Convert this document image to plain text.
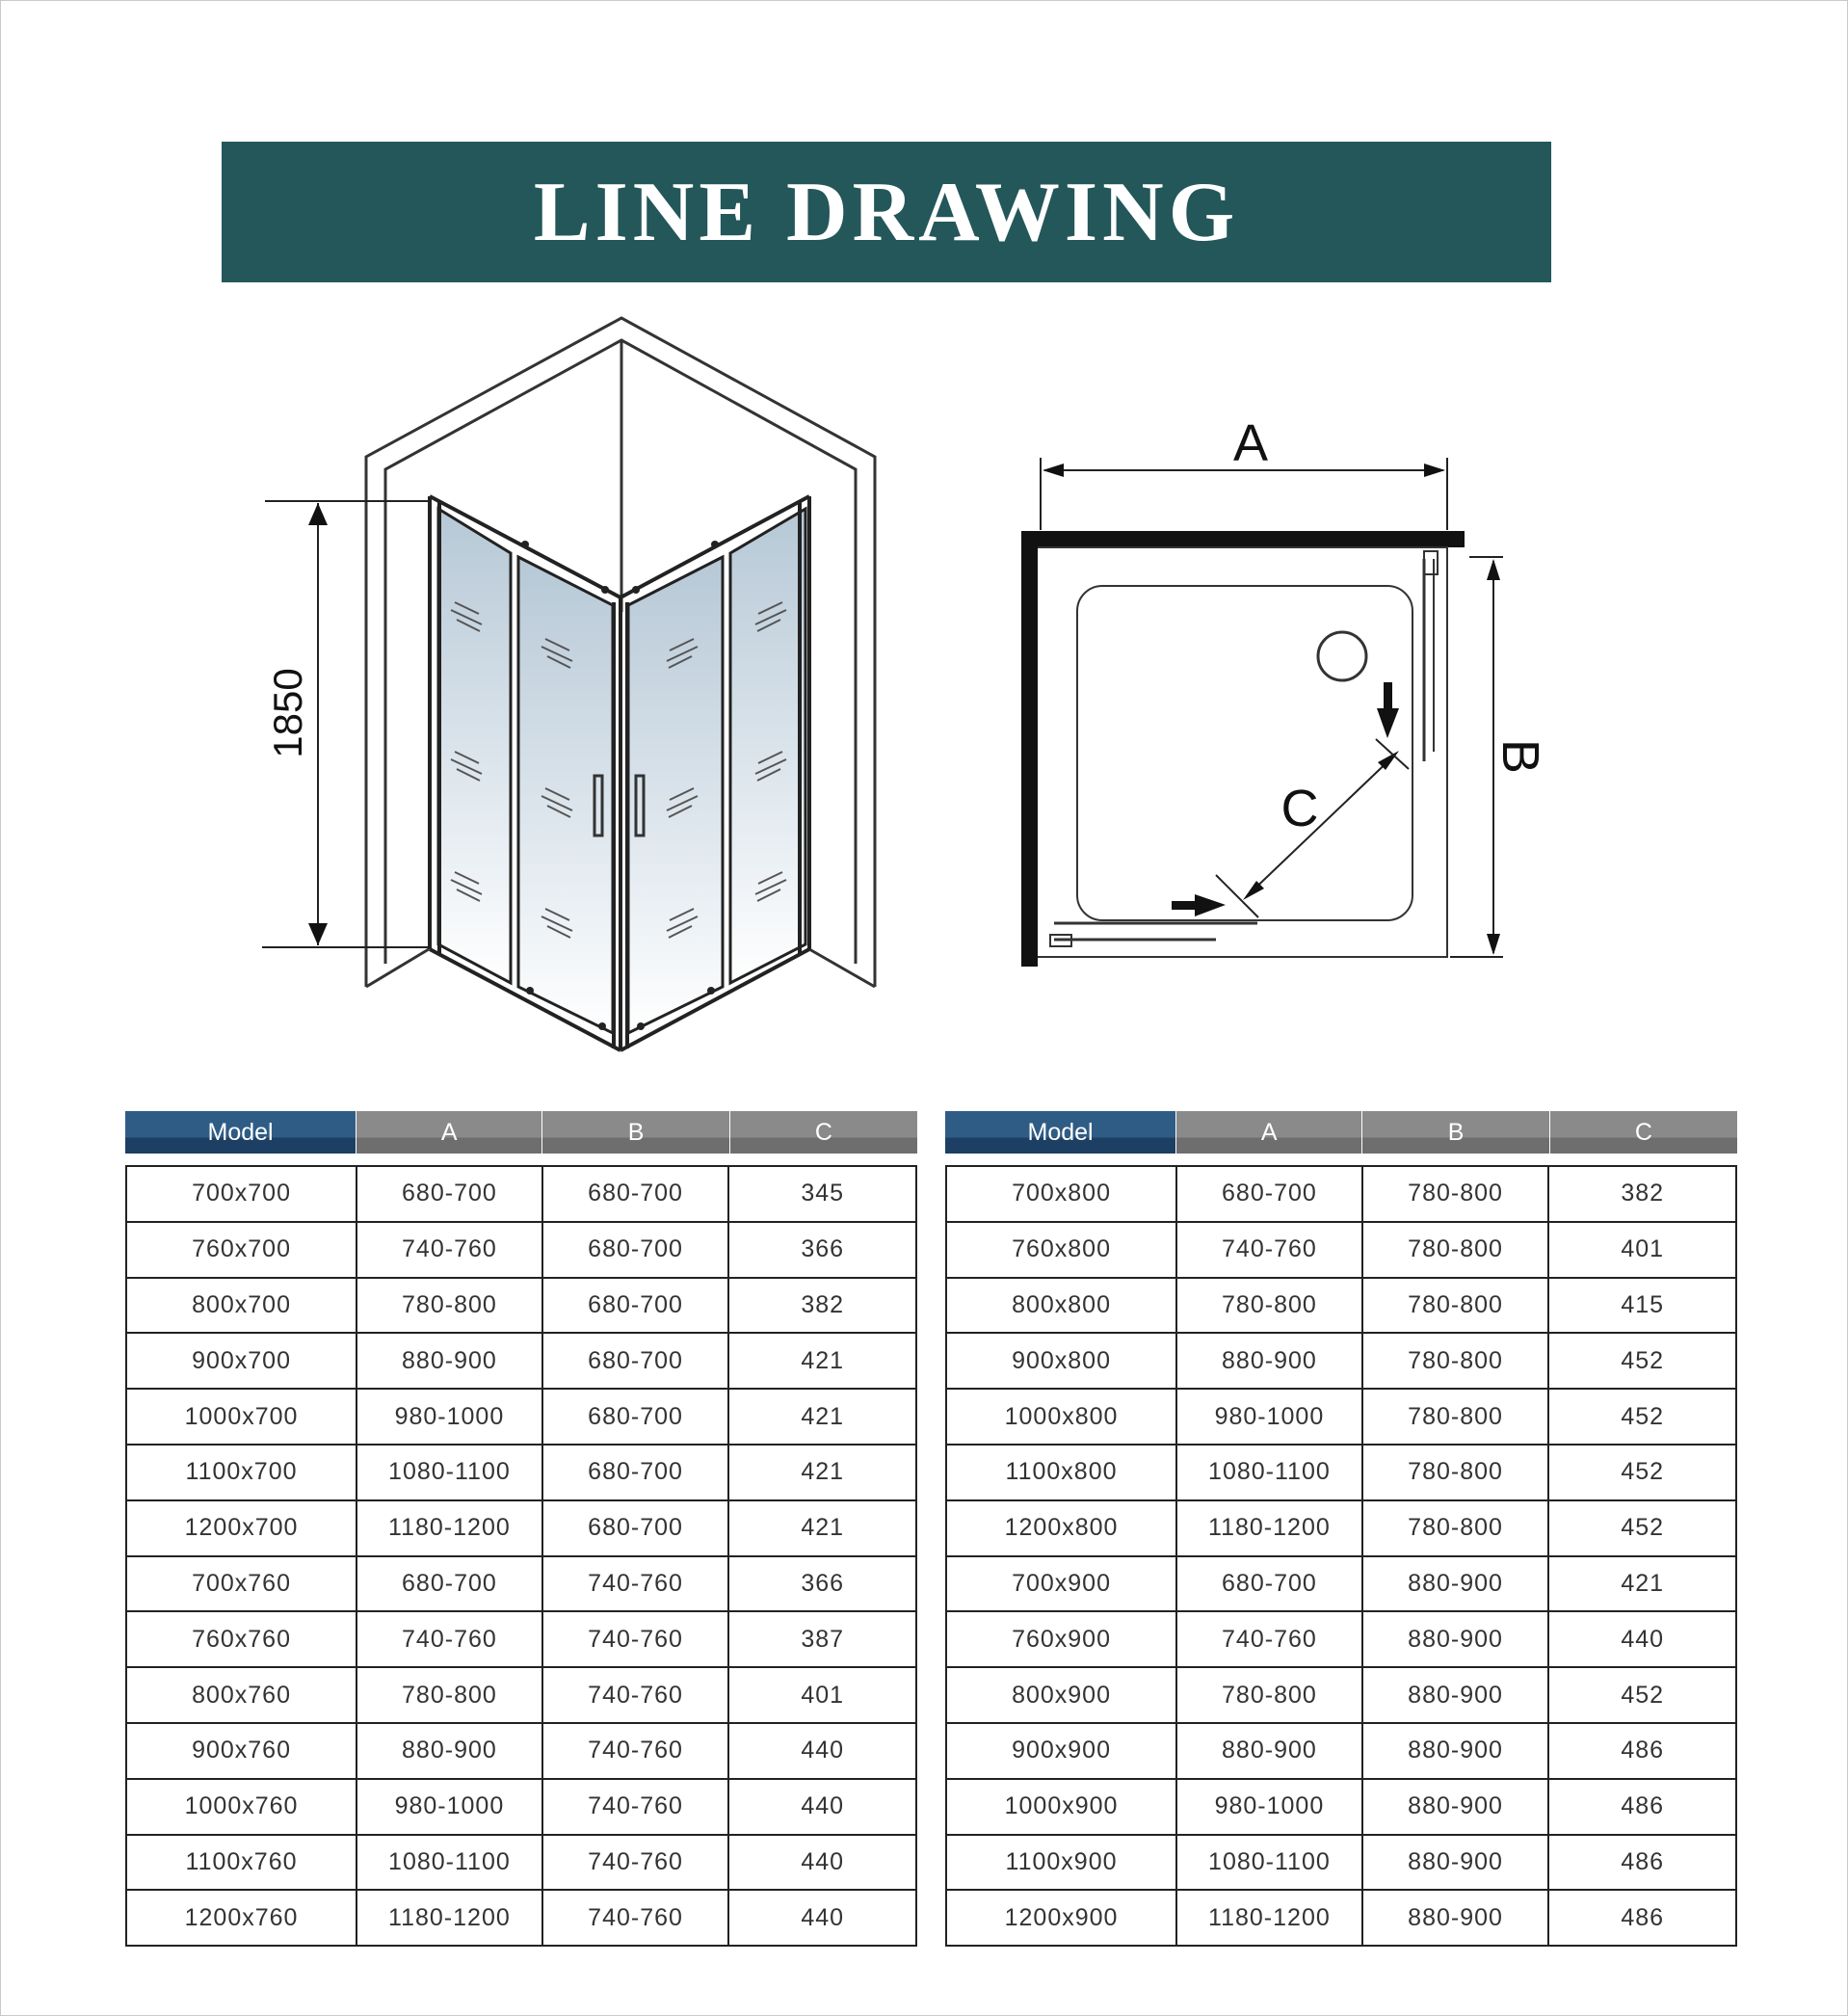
LINE DRAWING
1850
A
B
C
Model	A	B	C
700x700	680-700	680-700	345
760x700	740-760	680-700	366
800x700	780-800	680-700	382
900x700	880-900	680-700	421
1000x700	980-1000	680-700	421
1100x700	1080-1100	680-700	421
1200x700	1180-1200	680-700	421
700x760	680-700	740-760	366
760x760	740-760	740-760	387
800x760	780-800	740-760	401
900x760	880-900	740-760	440
1000x760	980-1000	740-760	440
1100x760	1080-1100	740-760	440
1200x760	1180-1200	740-760	440
Model	A	B	C
700x800	680-700	780-800	382
760x800	740-760	780-800	401
800x800	780-800	780-800	415
900x800	880-900	780-800	452
1000x800	980-1000	780-800	452
1100x800	1080-1100	780-800	452
1200x800	1180-1200	780-800	452
700x900	680-700	880-900	421
760x900	740-760	880-900	440
800x900	780-800	880-900	452
900x900	880-900	880-900	486
1000x900	980-1000	880-900	486
1100x900	1080-1100	880-900	486
1200x900	1180-1200	880-900	486
